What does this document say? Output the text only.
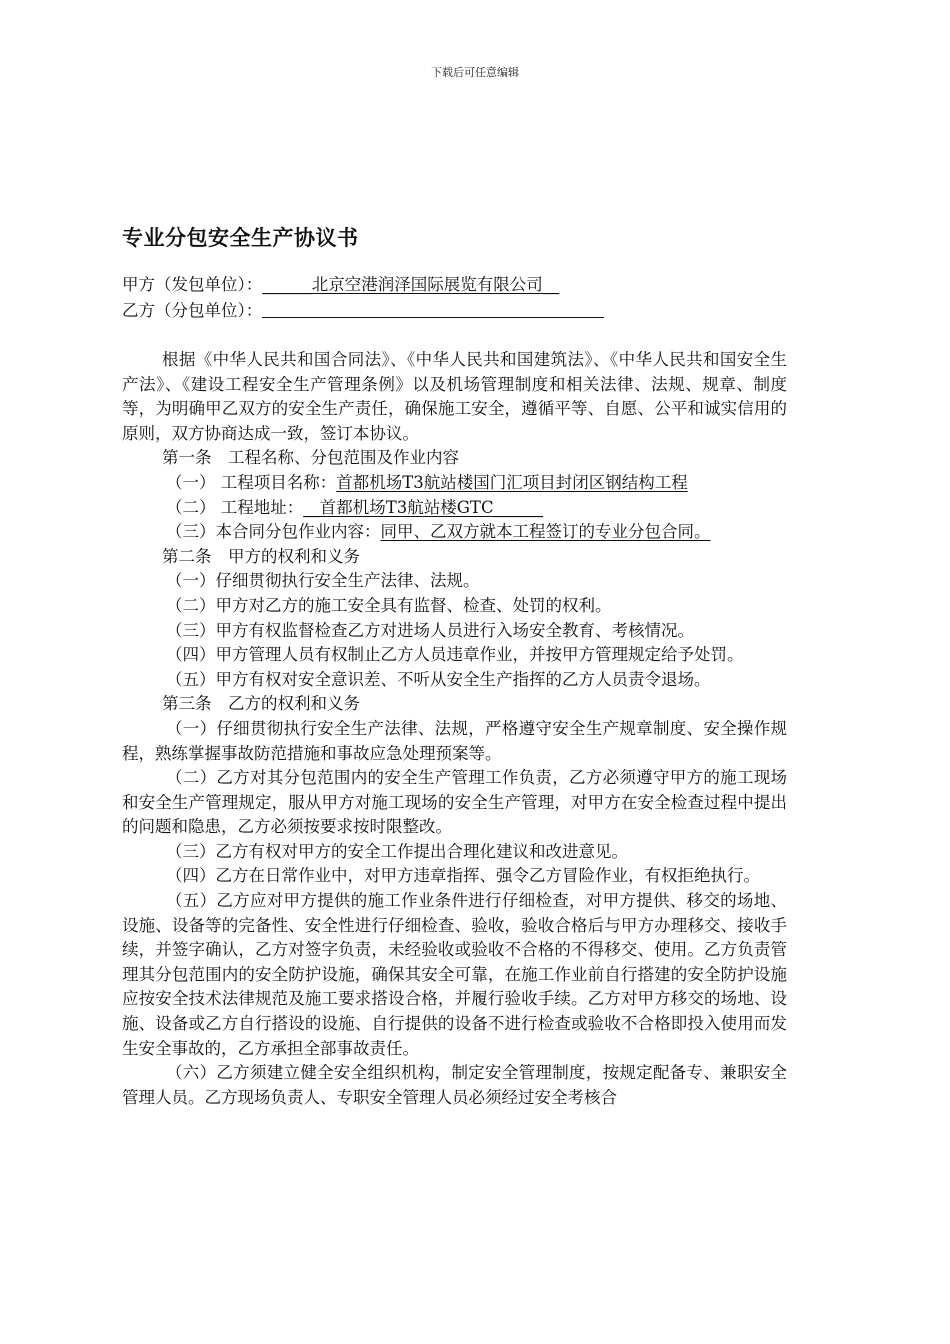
下载后可任意编辑
专业分包安全生产协议书
甲方（发包单位）：______北京空港润泽国际展览有限公司__
乙方（分包单位）：

根据《中华人民共和国合同法》、《中华人民共和国建筑法》、《中华人民共和国安全生产法》、《建设工程安全生产管理条例》以及机场管理制度和相关法律、法规、规章、制度等，为明确甲乙双方的安全生产责任，确保施工安全，遵循平等、自愿、公平和诚实信用的原则，双方协商达成一致，签订本协议。

第一条　工程名称、分包范围及作业内容

（一） 工程项目名称：首都机场T3航站楼国门汇项目封闭区钢结构工程

（二） 工程地址：__首都机场T3航站楼GTC______

（三）本合同分包作业内容：同甲、乙双方就本工程签订的专业分包合同。

第二条　甲方的权利和义务

（一）仔细贯彻执行安全生产法律、法规。

（二）甲方对乙方的施工安全具有监督、检查、处罚的权利。

（三）甲方有权监督检查乙方对进场人员进行入场安全教育、考核情况。

（四）甲方管理人员有权制止乙方人员违章作业，并按甲方管理规定给予处罚。

（五）甲方有权对安全意识差、不听从安全生产指挥的乙方人员责令退场。

第三条　乙方的权利和义务

（一）仔细贯彻执行安全生产法律、法规，严格遵守安全生产规章制度、安全操作规程，熟练掌握事故防范措施和事故应急处理预案等。

（二）乙方对其分包范围内的安全生产管理工作负责，乙方必须遵守甲方的施工现场和安全生产管理规定，服从甲方对施工现场的安全生产管理，对甲方在安全检查过程中提出的问题和隐患，乙方必须按要求按时限整改。

（三）乙方有权对甲方的安全工作提出合理化建议和改进意见。

（四）乙方在日常作业中，对甲方违章指挥、强令乙方冒险作业，有权拒绝执行。

（五）乙方应对甲方提供的施工作业条件进行仔细检查，对甲方提供、移交的场地、设施、设备等的完备性、安全性进行仔细检查、验收，验收合格后与甲方办理移交、接收手续，并签字确认，乙方对签字负责，未经验收或验收不合格的不得移交、使用。乙方负责管理其分包范围内的安全防护设施，确保其安全可靠，在施工作业前自行搭建的安全防护设施应按安全技术法律规范及施工要求搭设合格，并履行验收手续。乙方对甲方移交的场地、设施、设备或乙方自行搭设的设施、自行提供的设备不进行检查或验收不合格即投入使用而发生安全事故的，乙方承担全部事故责任。

（六）乙方须建立健全安全组织机构，制定安全管理制度，按规定配备专、兼职安全管理人员。乙方现场负责人、专职安全管理人员必须经过安全考核合
